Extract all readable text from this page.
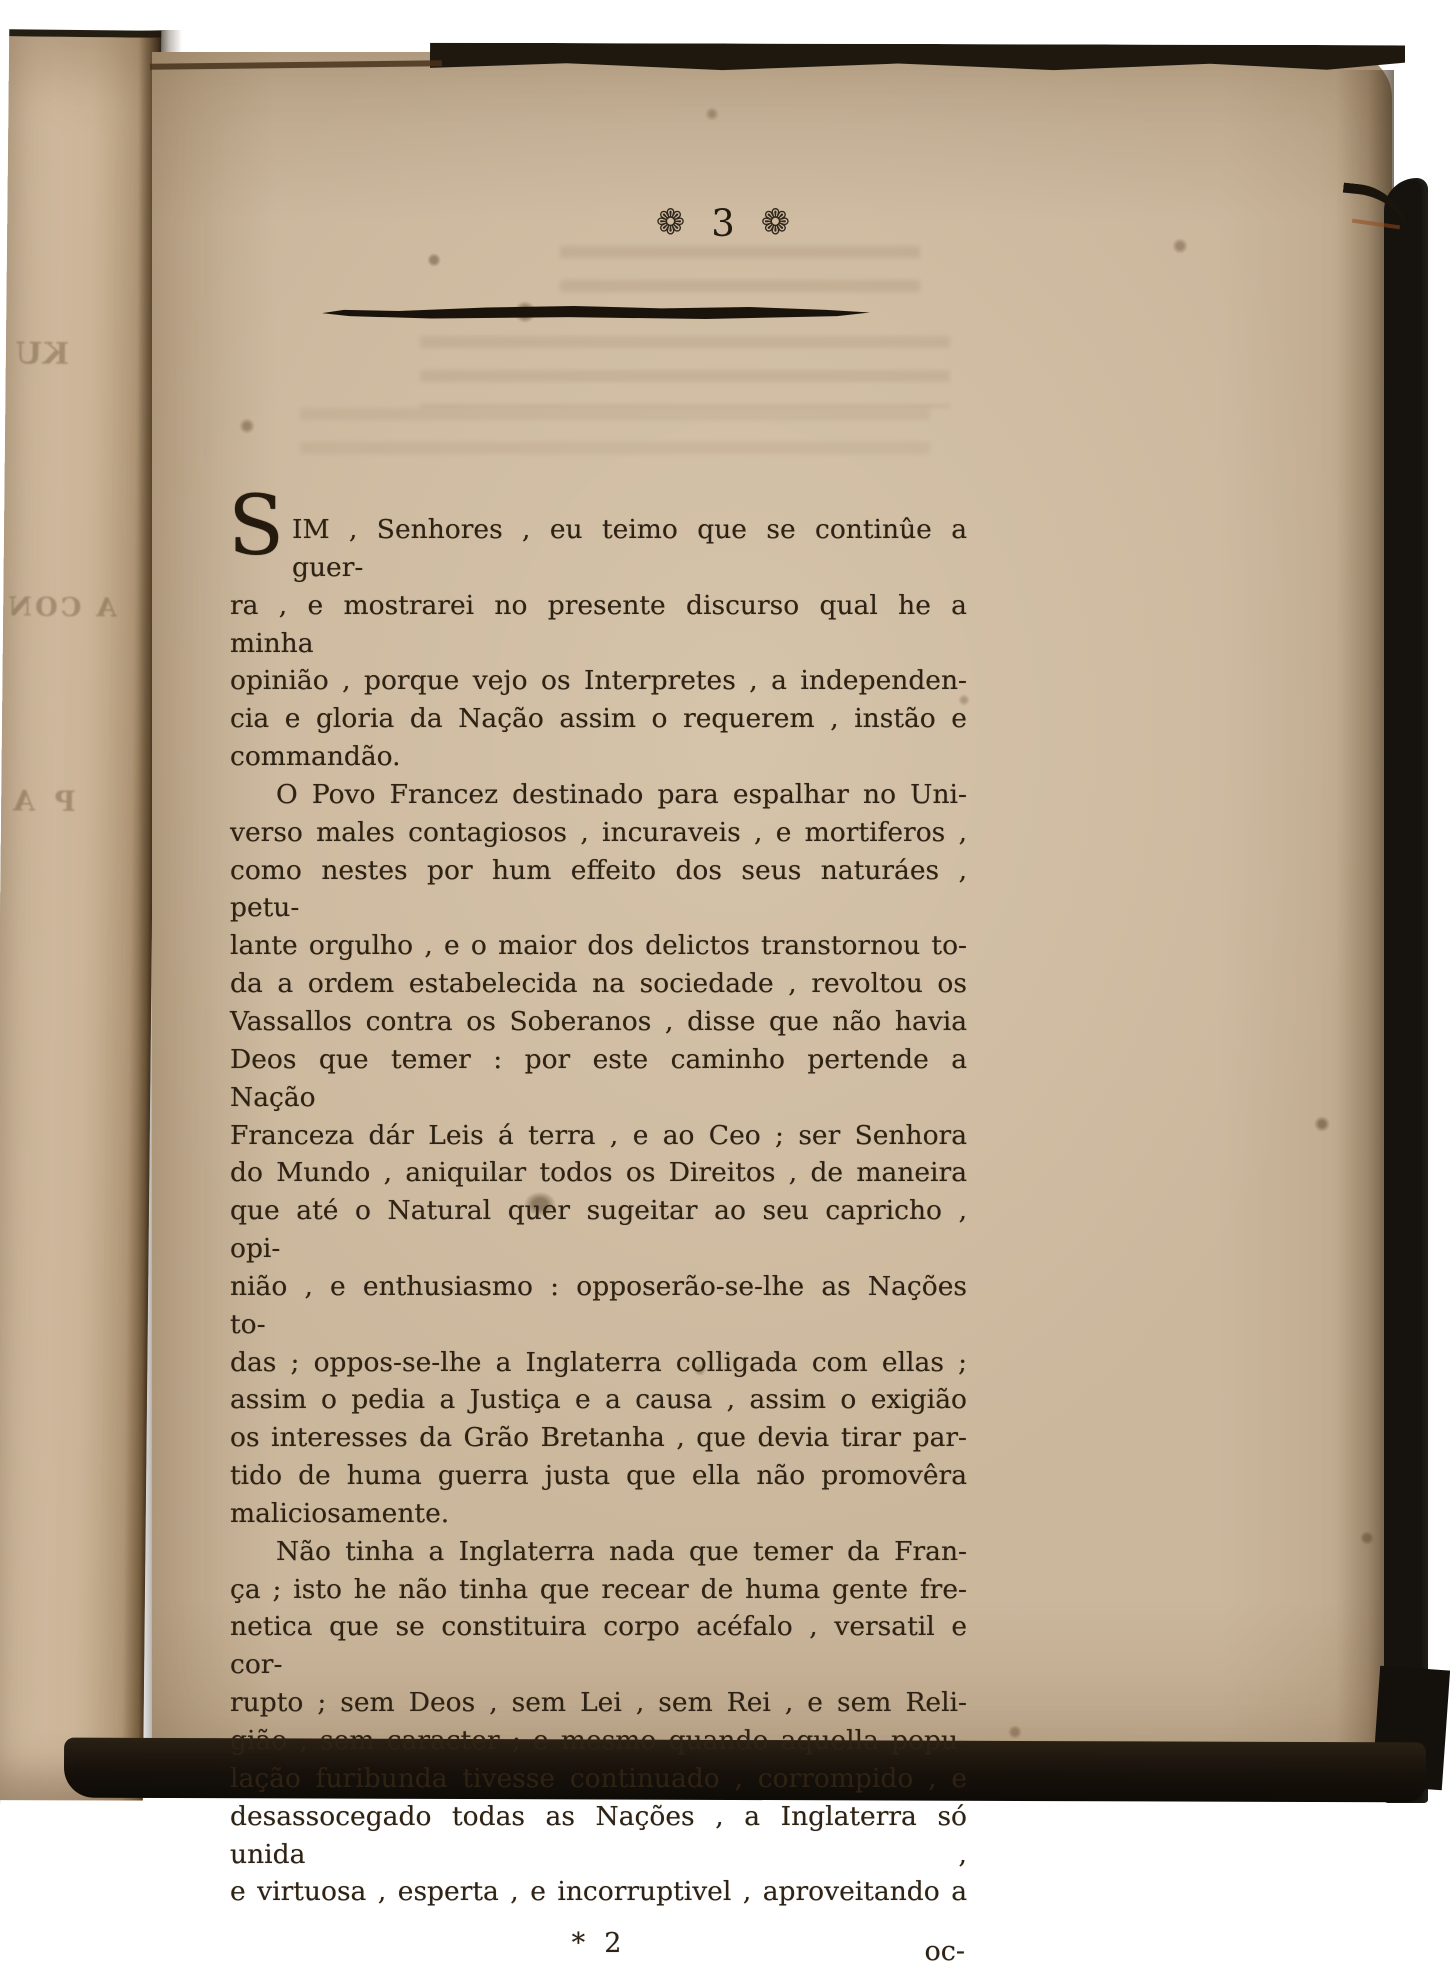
KU
A CON
P A
❁ 3 ❁
S IM , Senhores , eu teimo que se continûe a guer-
ra , e mostrarei no presente discurso qual he a minha
opinião , porque vejo os Interpretes , a independen-
cia e gloria da Nação assim o requerem , instão e
commandão.
O Povo Francez destinado para espalhar no Uni-
verso males contagiosos , incuraveis , e mortiferos ,
como nestes por hum effeito dos seus naturáes , petu-
lante orgulho , e o maior dos delictos transtornou to-
da a ordem estabelecida na sociedade , revoltou os
Vassallos contra os Soberanos , disse que não havia
Deos que temer : por este caminho pertende a Nação
Franceza dár Leis á terra , e ao Ceo ; ser Senhora
do Mundo , aniquilar todos os Direitos , de maneira
que até o Natural quer sugeitar ao seu capricho , opi-
nião , e enthusiasmo : opposerão-se-lhe as Nações to-
das ; oppos-se-lhe a Inglaterra colligada com ellas ;
assim o pedia a Justiça e a causa , assim o exigião
os interesses da Grão Bretanha , que devia tirar par-
tido de huma guerra justa que ella não promovêra
maliciosamente.
Não tinha a Inglaterra nada que temer da Fran-
ça ; isto he não tinha que recear de huma gente fre-
netica que se constituira corpo acéfalo , versatil e cor-
rupto ; sem Deos , sem Lei , sem Rei , e sem Reli-
gião , sem caracter ; e mesmo quando aquella popu-
lação furibunda tivesse continuado , corrompido , e
desassocegado todas as Nações , a Inglaterra só unida ,
e virtuosa , esperta , e incorruptivel , aproveitando a
* 2	oc-
